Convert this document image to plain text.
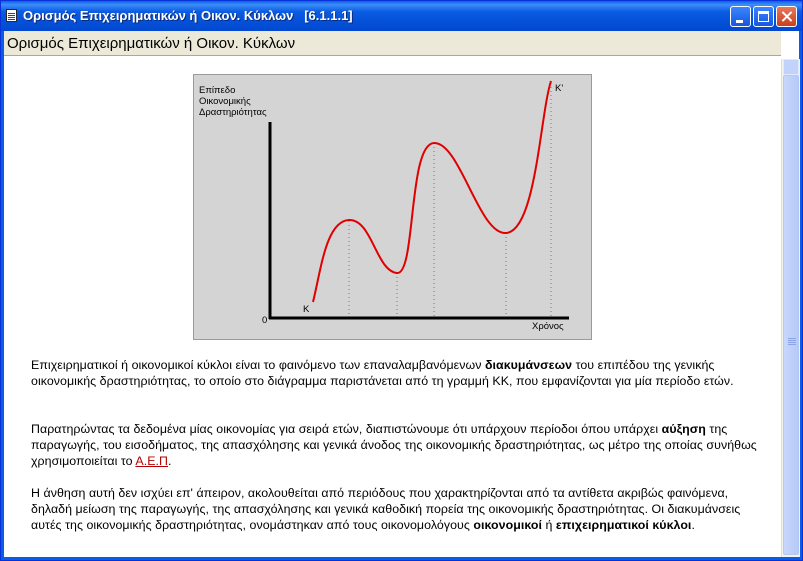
Ορισμός Επιχειρηματικών ή Οικον. Κύκλων   [6.1.1.1]
Ορισμός Επιχειρηματικών ή Οικον. Κύκλων
Επίπεδο
Οικονομικής
Δραστηριότητας
0
Χρόνος
Κ
Κ'
Επιχειρηματικοί ή οικονομικοί κύκλοι είναι το φαινόμενο των επαναλαμβανόμενων διακυμάνσεων του επιπέδου της γενικής οικονομικής δραστηριότητας, το οποίο στο διάγραμμα παριστάνεται από τη γραμμή ΚΚ, που εμφανίζονται για μία περίοδο ετών.
Παρατηρώντας τα δεδομένα μίας οικονομίας για σειρά ετών, διαπιστώνουμε ότι υπάρχουν περίοδοι όπου υπάρχει αύξηση της παραγωγής, του εισοδήματος, της απασχόλησης και γενικά άνοδος της οικονομικής δραστηριότητας, ως μέτρο της οποίας συνήθως χρησιμοποιείται το Α.Ε.Π.
Η άνθηση αυτή δεν ισχύει επ' άπειρον, ακολουθείται από περιόδους που χαρακτηρίζονται από τα αντίθετα ακριβώς φαινόμενα, δηλαδή μείωση της παραγωγής, της απασχόλησης και γενικά καθοδική πορεία της οικονομικής δραστηριότητας. Οι διακυμάνσεις αυτές της οικονομικής δραστηριότητας, ονομάστηκαν από τους οικονομολόγους οικονομικοί ή επιχειρηματικοί κύκλοι.
